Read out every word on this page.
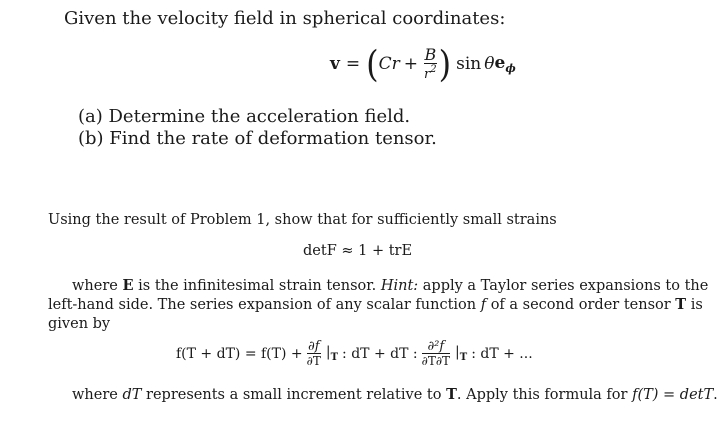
Given the velocity field in spherical coordinates:
v = ( C $r + \frac{B}{r^2}$ ) sin θ $e_\phi$
(a) Determine the acceleration field.
(b) Find the rate of deformation tensor.
Using the result of Problem 1, show that for sufficiently small strains
detF ≈ 1 + trE
where E is the infinitesimal strain tensor. Hint: apply a Taylor series expansions to the
left-hand side. The series expansion of any scalar function f of a second order tensor T is
given by
$f(T + dT) = f(T) + \frac{\partial f}{\partial T} |_T$ : dT + dT : $\frac{\text{∂²f}}{\partial T\partial T} |_T$ : dT + ...
where dT represents a small increment relative to T. Apply this formula for f(T) = detT.
